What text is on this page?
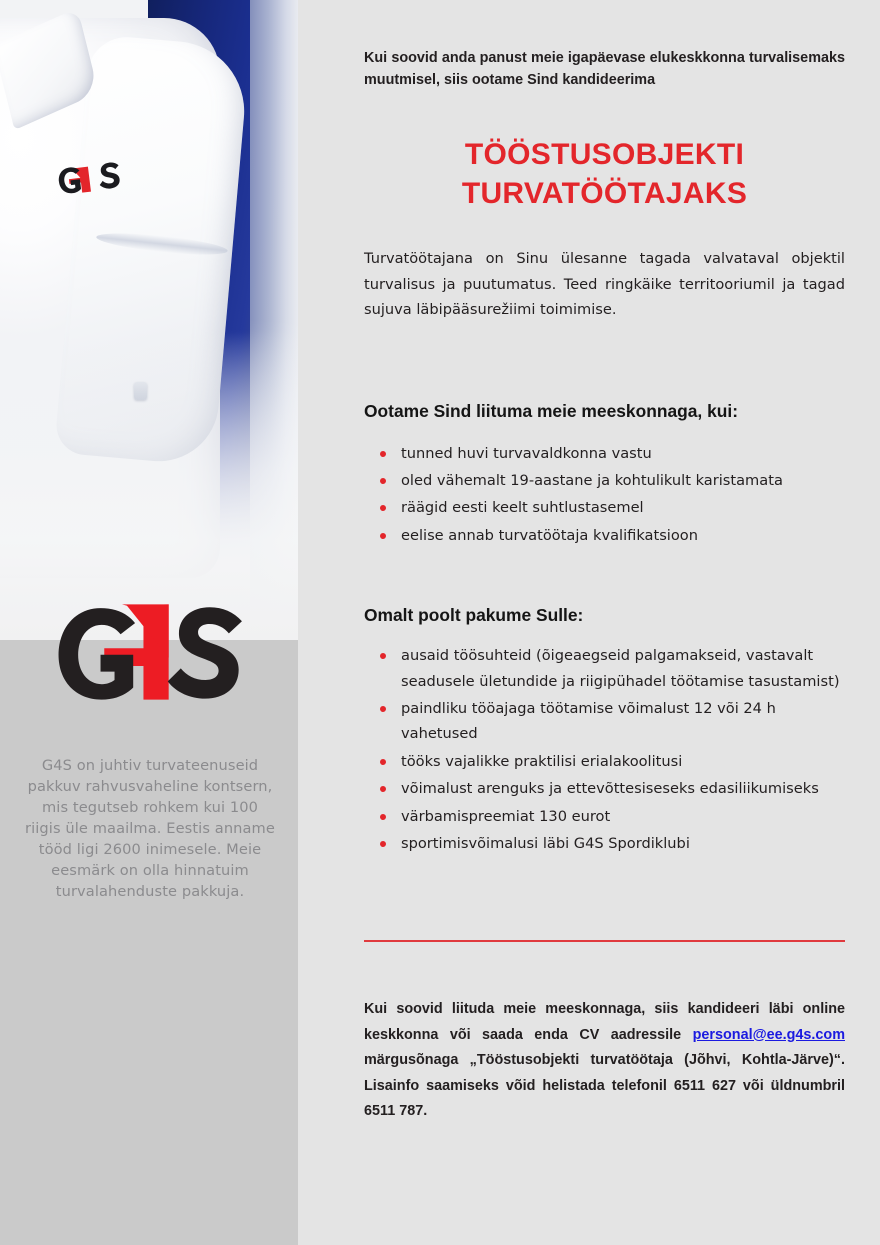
G4S on juhtiv turvateenuseid pakkuv rahvusvaheline kontsern, mis tegutseb rohkem kui 100 riigis üle maailma. Eestis anname tööd ligi 2600 inimesele. Meie eesmärk on olla hinnatuim turvalahenduste pakkuja.
Kui soovid anda panust meie igapäevase elukeskkonna turvalisemaks muutmisel, siis ootame Sind kandideerima
TÖÖSTUSOBJEKTI
TURVATÖÖTAJAKS
Turvatöötajana on Sinu ülesanne tagada valvataval objektil turvalisus ja puutumatus. Teed ringkäike territooriumil ja tagad sujuva läbipääsurežiimi toimimise.
Ootame Sind liituma meie meeskonnaga, kui:
tunned huvi turvavaldkonna vastu
oled vähemalt 19-aastane ja kohtulikult karistamata
räägid eesti keelt suhtlustasemel
eelise annab turvatöötaja kvalifikatsioon
Omalt poolt pakume Sulle:
ausaid töösuhteid (õigeaegseid palgamakseid, vastavalt seadusele ületundide ja riigipühadel töötamise tasustamist)
paindliku tööajaga töötamise võimalust 12 või 24 h vahetused
tööks vajalikke praktilisi erialakoolitusi
võimalust arenguks ja ettevõttesiseseks edasiliikumiseks
värbamispreemiat 130 eurot
sportimisvõimalusi läbi G4S Spordiklubi
Kui soovid liituda meie meeskonnaga, siis kandideeri läbi online keskkonna või saada enda CV aadressile personal@ee.g4s.com märgusõnaga „Tööstusobjekti turvatöötaja (Jõhvi, Kohtla-Järve)“. Lisainfo saamiseks võid helistada telefonil 6511 627 või üldnumbril 6511 787.
